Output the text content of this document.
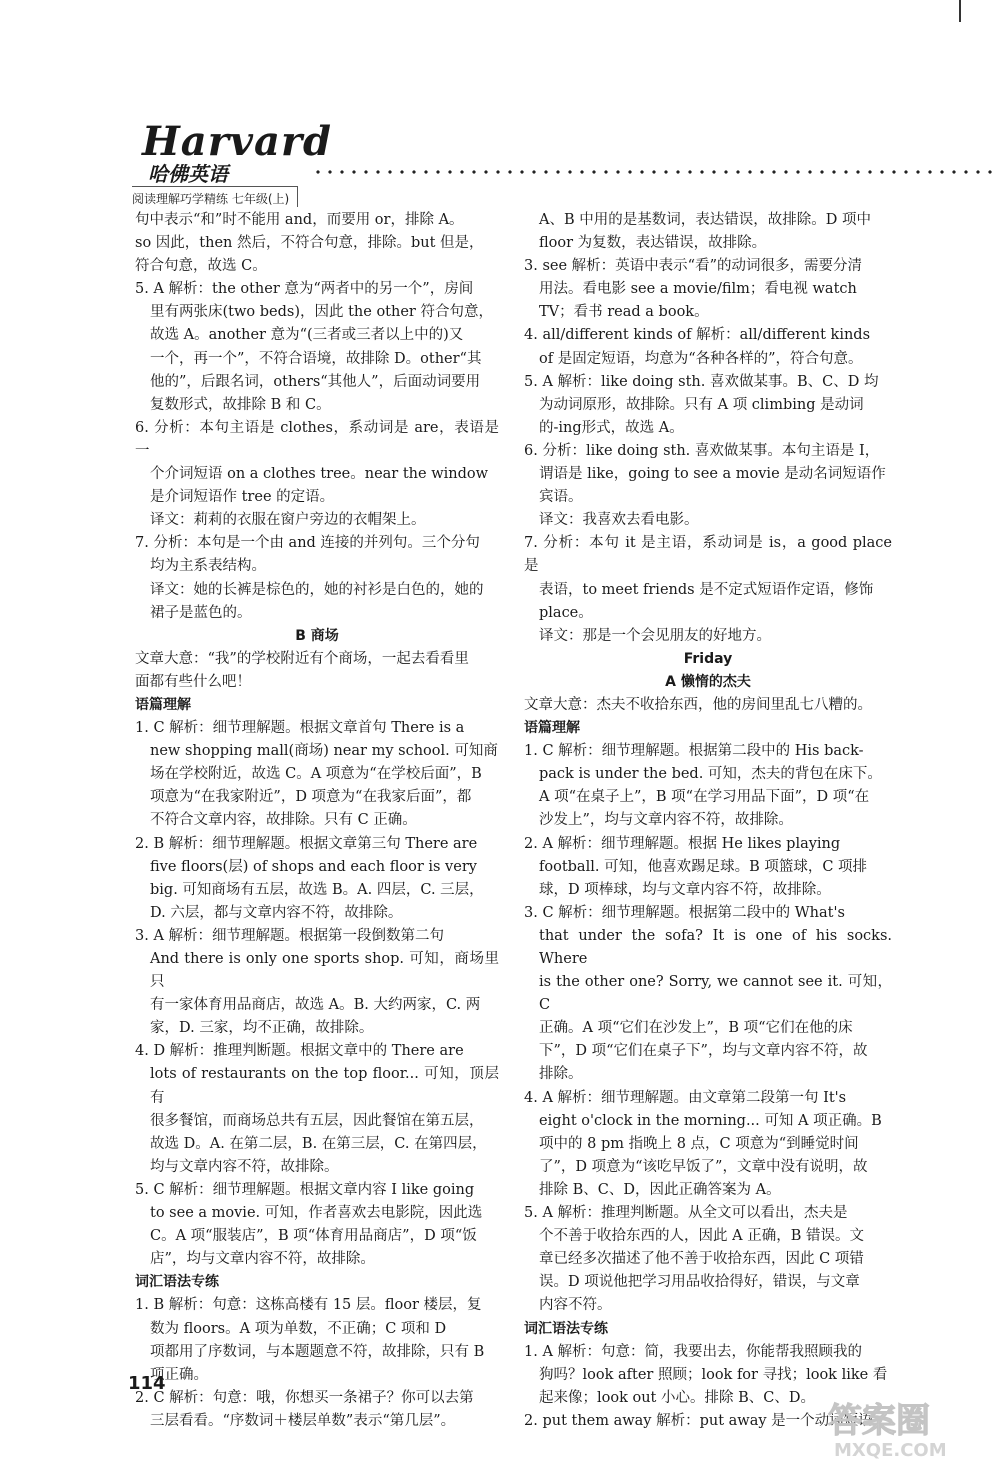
Harvard
哈佛英语
阅读理解巧学精练 七年级(上)

句中表示“和”时不能用 and，而要用 or，排除 A。

so 因此，then 然后，不符合句意，排除。but 但是，

符合句意，故选 C。

5. A 解析：the other 意为“两者中的另一个”，房间

里有两张床(two beds)，因此 the other 符合句意，

故选 A。another 意为“(三者或三者以上中的)又

一个，再一个”，不符合语境，故排除 D。other“其

他的”，后跟名词，others“其他人”，后面动词要用

复数形式，故排除 B 和 C。

6. 分析：本句主语是 clothes，系动词是 are，表语是一

个介词短语 on a clothes tree。near the window

是介词短语作 tree 的定语。

译文：莉莉的衣服在窗户旁边的衣帽架上。

7. 分析：本句是一个由 and 连接的并列句。三个分句

均为主系表结构。

译文：她的长裤是棕色的，她的衬衫是白色的，她的

裙子是蓝色的。

B 商场

文章大意：“我”的学校附近有个商场，一起去看看里

面都有些什么吧！

语篇理解

1. C 解析：细节理解题。根据文章首句 There is a

new shopping mall(商场) near my school. 可知商

场在学校附近，故选 C。A 项意为“在学校后面”，B

项意为“在我家附近”，D 项意为“在我家后面”，都

不符合文章内容，故排除。只有 C 正确。

2. B 解析：细节理解题。根据文章第三句 There are

five floors(层) of shops and each floor is very

big. 可知商场有五层，故选 B。A. 四层，C. 三层，

D. 六层，都与文章内容不符，故排除。

3. A 解析：细节理解题。根据第一段倒数第二句

And there is only one sports shop. 可知，商场里只

有一家体育用品商店，故选 A。B. 大约两家，C. 两

家，D. 三家，均不正确，故排除。

4. D 解析：推理判断题。根据文章中的 There are

lots of restaurants on the top floor... 可知，顶层有

很多餐馆，而商场总共有五层，因此餐馆在第五层，

故选 D。A. 在第二层，B. 在第三层，C. 在第四层，

均与文章内容不符，故排除。

5. C 解析：细节理解题。根据文章内容 I like going

to see a movie. 可知，作者喜欢去电影院，因此选

C。A 项“服装店”，B 项“体育用品商店”，D 项“饭

店”，均与文章内容不符，故排除。

词汇语法专练

1. B 解析：句意：这栋高楼有 15 层。floor 楼层，复

数为 floors。A 项为单数，不正确；C 项和 D

项都用了序数词，与本题题意不符，故排除，只有 B

项正确。

2. C 解析：句意：哦，你想买一条裙子？你可以去第

三层看看。“序数词＋楼层单数”表示“第几层”。

A、B 中用的是基数词，表达错误，故排除。D 项中

floor 为复数，表达错误，故排除。

3. see 解析：英语中表示“看”的动词很多，需要分清

用法。看电影 see a movie/film；看电视 watch

TV；看书 read a book。

4. all/different kinds of 解析：all/different kinds

of 是固定短语，均意为“各种各样的”，符合句意。

5. A 解析：like doing sth. 喜欢做某事。B、C、D 均

为动词原形，故排除。只有 A 项 climbing 是动词

的-ing形式，故选 A。

6. 分析：like doing sth. 喜欢做某事。本句主语是 I，

谓语是 like，going to see a movie 是动名词短语作

宾语。

译文：我喜欢去看电影。

7. 分析：本句 it 是主语，系动词是 is，a good place 是

表语，to meet friends 是不定式短语作定语，修饰

place。

译文：那是一个会见朋友的好地方。

Friday

A 懒惰的杰夫

文章大意：杰夫不收拾东西，他的房间里乱七八糟的。

语篇理解

1. C 解析：细节理解题。根据第二段中的 His back-

pack is under the bed. 可知，杰夫的背包在床下。

A 项“在桌子上”，B 项“在学习用品下面”，D 项“在

沙发上”，均与文章内容不符，故排除。

2. A 解析：细节理解题。根据 He likes playing

football. 可知，他喜欢踢足球。B 项篮球，C 项排

球，D 项棒球，均与文章内容不符，故排除。

3. C 解析：细节理解题。根据第二段中的 What's

that under the sofa? It is one of his socks. Where

is the other one? Sorry, we cannot see it. 可知，C

正确。A 项“它们在沙发上”，B 项“它们在他的床

下”，D 项“它们在桌子下”，均与文章内容不符，故

排除。

4. A 解析：细节理解题。由文章第二段第一句 It's

eight o'clock in the morning... 可知 A 项正确。B

项中的 8 pm 指晚上 8 点，C 项意为“到睡觉时间

了”，D 项意为“该吃早饭了”，文章中没有说明，故

排除 B、C、D，因此正确答案为 A。

5. A 解析：推理判断题。从全文可以看出，杰夫是

个不善于收拾东西的人，因此 A 正确，B 错误。文

章已经多次描述了他不善于收拾东西，因此 C 项错

误。D 项说他把学习用品收拾得好，错误，与文章

内容不符。

词汇语法专练

1. A 解析：句意：简，我要出去，你能帮我照顾我的

狗吗？look after 照顾；look for 寻找；look like 看

起来像；look out 小心。排除 B、C、D。

2. put them away 解析：put away 是一个动词短语，

114
答案圈
MXQE.COM
